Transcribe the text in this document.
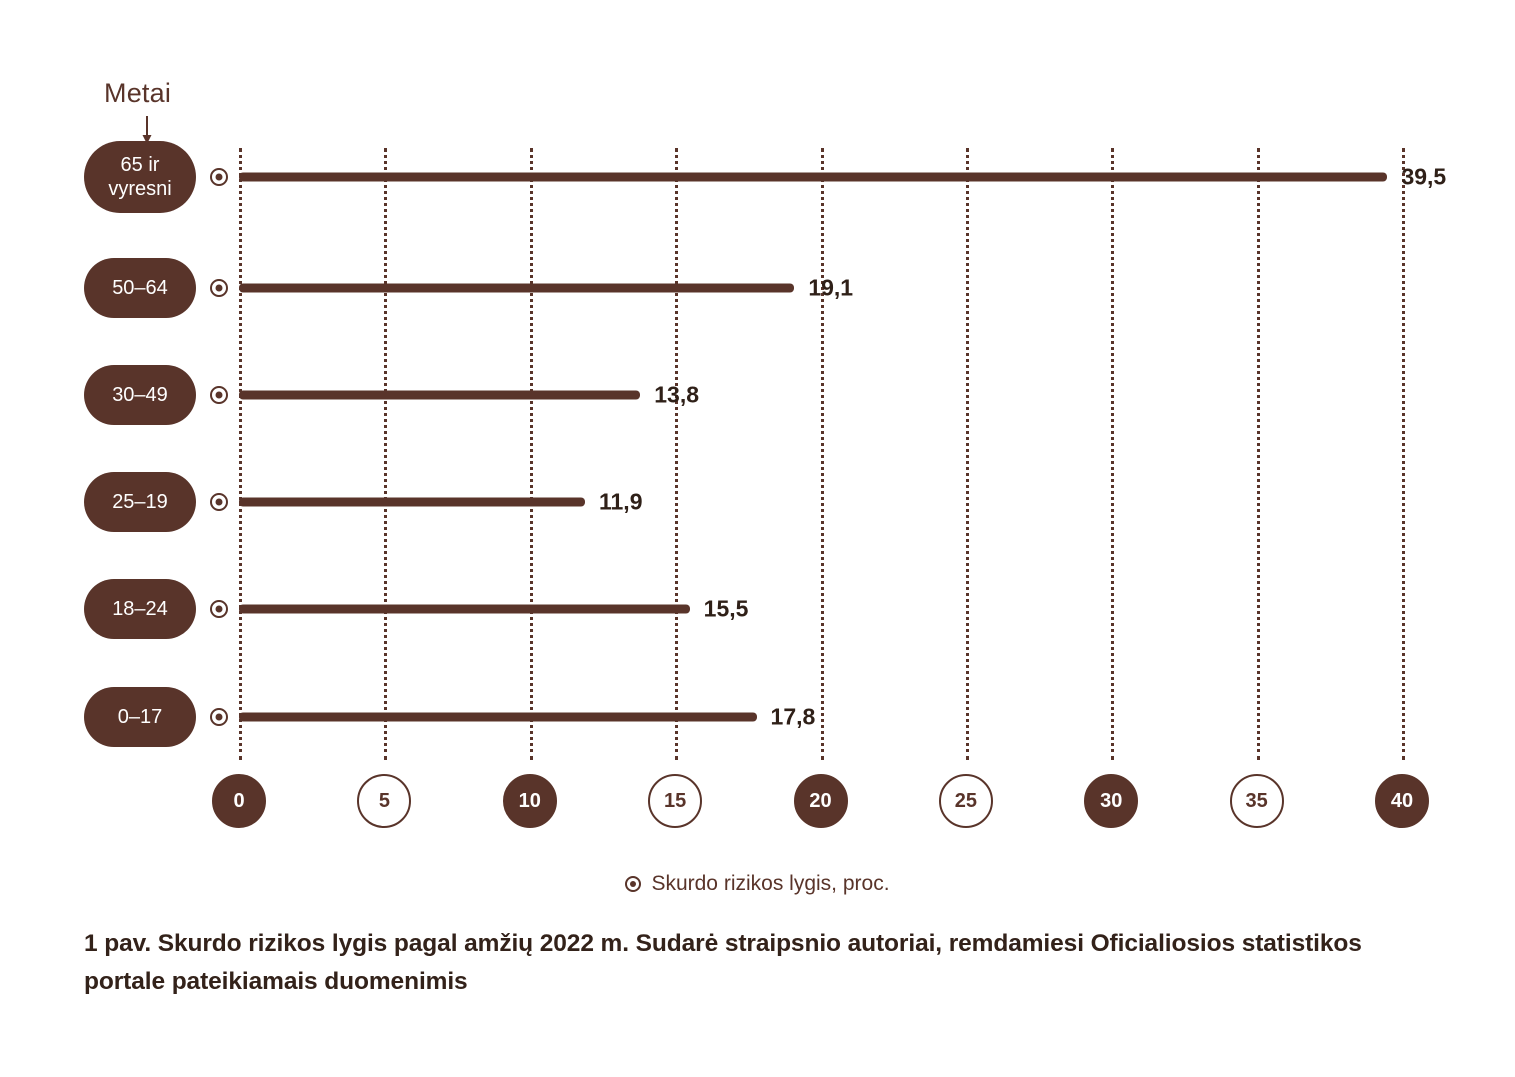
Metai
65 ir
vyresni	39,5
50–64	19,1
30–49	13,8
25–19	11,9
18–24	15,5
0–17	17,8
0	5	10	15	20	25	30	35	40
Skurdo rizikos lygis, proc.
1 pav. Skurdo rizikos lygis pagal amžių 2022 m. Sudarė straipsnio autoriai, remdamiesi Oficialiosios statistikos portale pateikiamais duomenimis
